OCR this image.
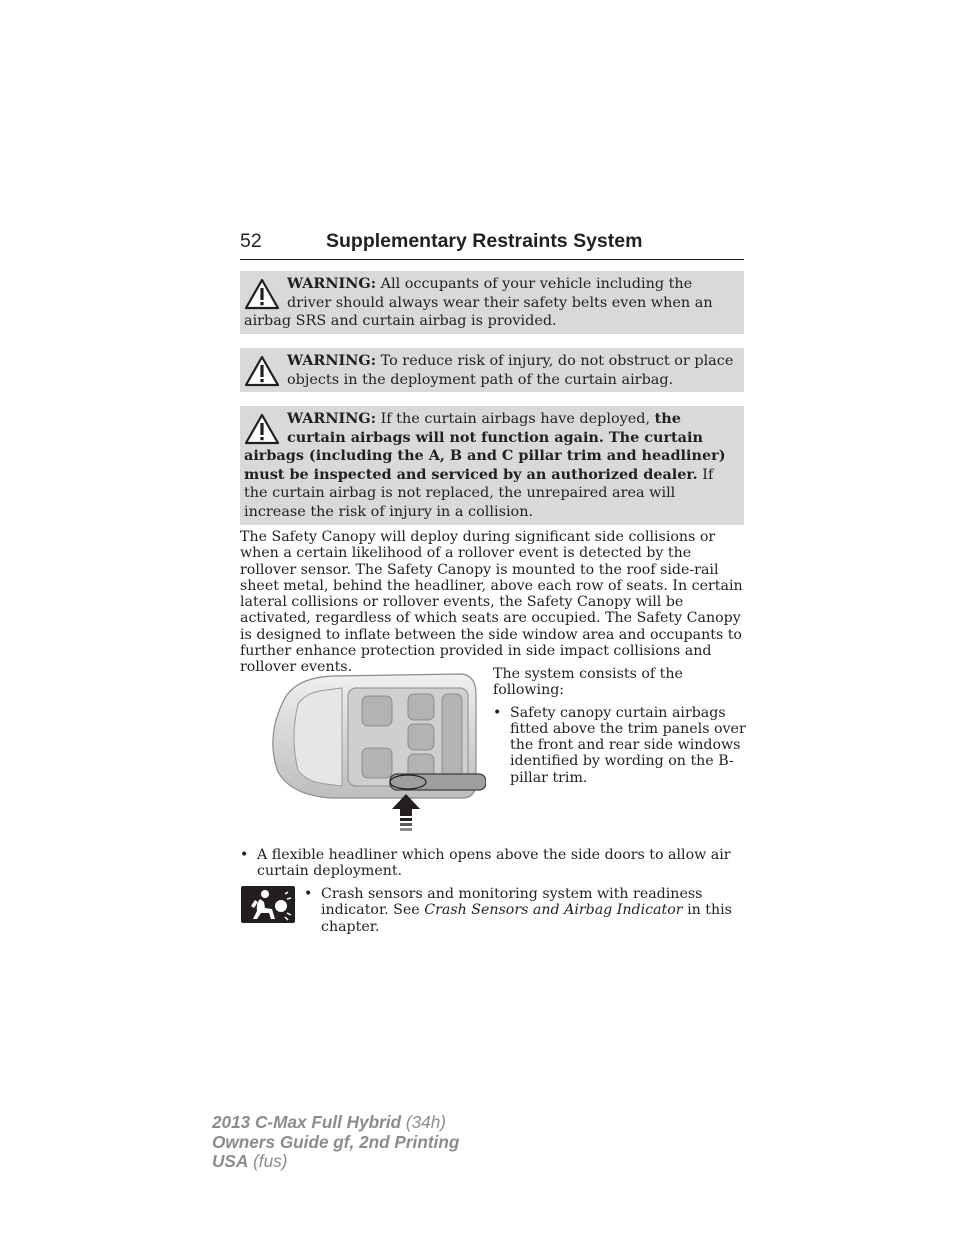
52	Supplementary Restraints System
WARNING: All occupants of your vehicle including the driver should always wear their safety belts even when an airbag SRS and curtain airbag is provided.
WARNING: To reduce risk of injury, do not obstruct or place objects in the deployment path of the curtain airbag.
WARNING: If the curtain airbags have deployed, the curtain airbags will not function again. The curtain airbags (including the A, B and C pillar trim and headliner) must be inspected and serviced by an authorized dealer. If the curtain airbag is not replaced, the unrepaired area will increase the risk of injury in a collision.
The Safety Canopy will deploy during significant side collisions or when a certain likelihood of a rollover event is detected by the rollover sensor. The Safety Canopy is mounted to the roof side-rail sheet metal, behind the headliner, above each row of seats. In certain lateral collisions or rollover events, the Safety Canopy will be activated, regardless of which seats are occupied. The Safety Canopy is designed to inflate between the side window area and occupants to further enhance protection provided in side impact collisions and rollover events.	The system consists of the following:
• Safety canopy curtain airbags fitted above the trim panels over the front and rear side windows identified by wording on the B-pillar trim.
• A flexible headliner which opens above the side doors to allow air curtain deployment.
• Crash sensors and monitoring system with readiness indicator. See Crash Sensors and Airbag Indicator in this chapter.
2013 C-Max Full Hybrid (34h)
Owners Guide gf, 2nd Printing
USA (fus)
